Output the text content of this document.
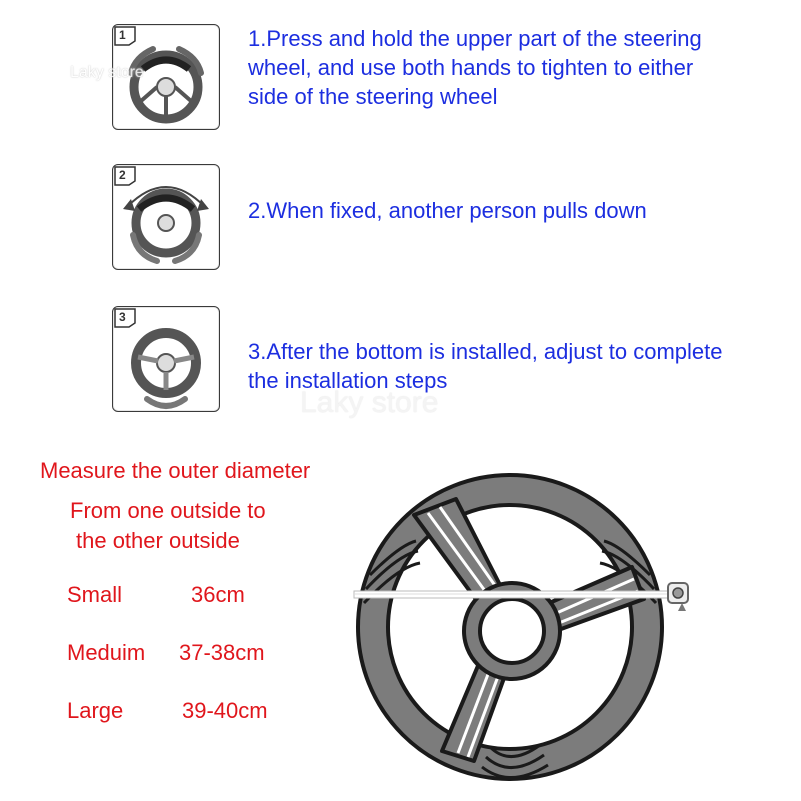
1
Laky store

1.Press and hold the upper part of the steering
wheel, and use both hands to tighten to either
side of the steering wheel

2

2.When fixed, another person pulls down

3

3.After the bottom is installed, adjust to complete
the installation steps

Laky store

Measure the outer diameter

From one outside to
the other outside

Small	36cm
Meduim 37-38cm
Large	39-40cm
